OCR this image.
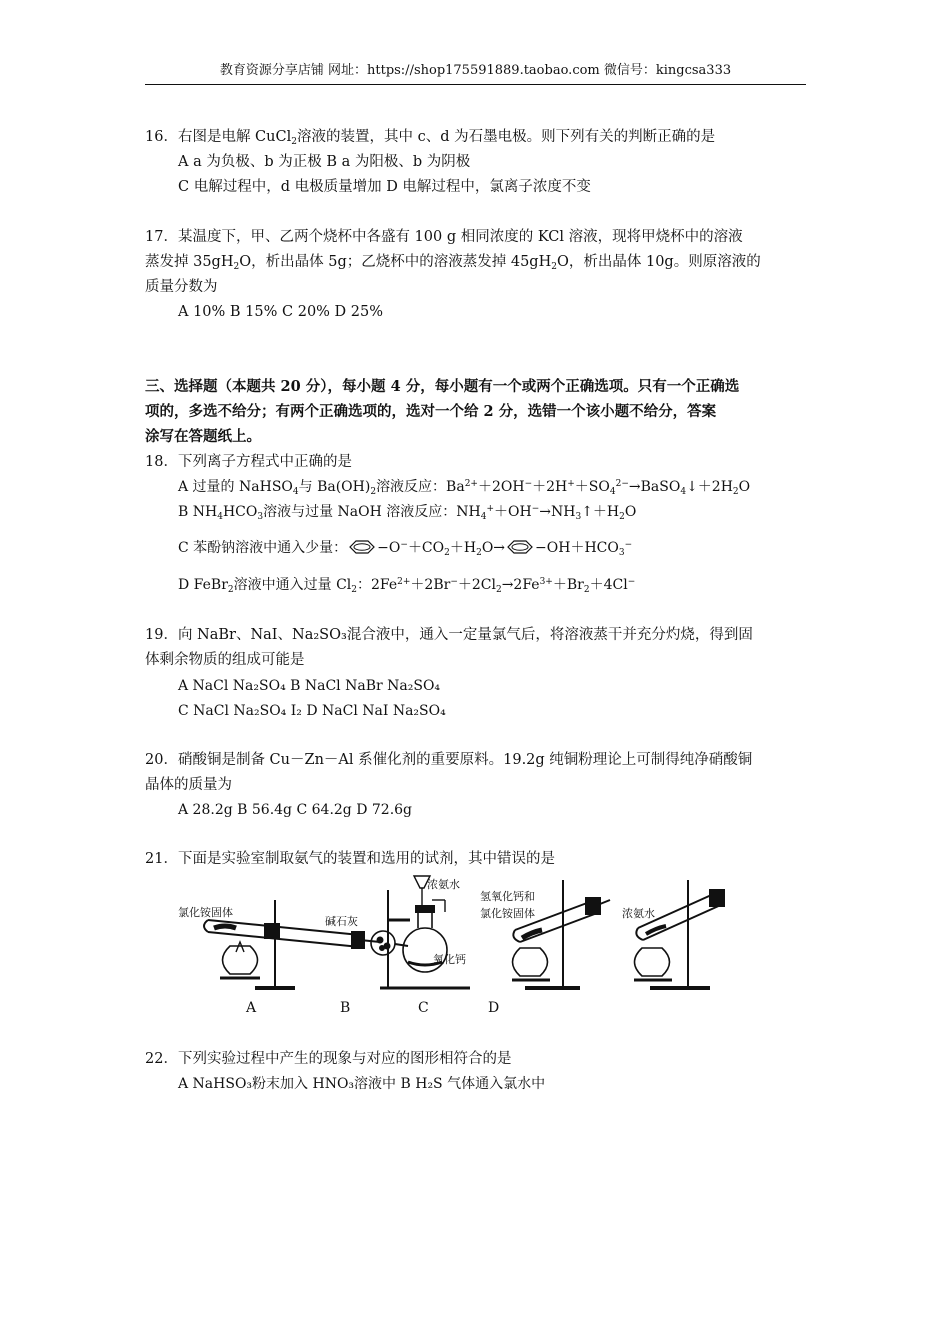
教育资源分享店铺 网址：https://shop175591889.taobao.com 微信号：kingcsa333
16．右图是电解 CuCl$_2$溶液的装置，其中 c、d 为石墨电极。则下列有关的判断正确的是
A a 为负极、b 为正极 B a 为阳极、b 为阴极
C 电解过程中，d 电极质量增加 D 电解过程中，氯离子浓度不变
17．某温度下，甲、乙两个烧杯中各盛有 100 g 相同浓度的 KCl 溶液，现将甲烧杯中的溶液
蒸发掉 $35gH_2O$，析出晶体 5g；乙烧杯中的溶液蒸发掉 $45gH_2O$，析出晶体 10g。则原溶液的
质量分数为
A 10% B 15% C 20% D 25%
三、选择题（本题共 20 分），每小题 4 分，每小题有一个或两个正确选项。只有一个正确选
项的，多选不给分；有两个正确选项的，选对一个给 2 分，选错一个该小题不给分，答案
涂写在答题纸上。
18．下列离子方程式中正确的是
A 过量的 NaHSO$_4$与 $Ba(OH)_2$溶液反应：$Ba^{2+}+2OH^-+2H^++SO_4^{2-}\to BaSO_4↓+2H_2O$
B $NH_4HCO_3$溶液与过量 NaOH 溶液反应：$NH_4^++OH^-\to NH_3↑+H_2O$
C 苯酚钠溶液中通入少量： $-O^-+CO_2+H_2O\to -OH+HCO_3^-$
D FeBr$_2$溶液中通入过量 $Cl_2$：$2Fe^{2+}+2Br^-+2Cl_2\to 2Fe^{3+}+Br_2+4Cl^-$
19．向 NaBr、NaI、Na₂SO₃混合液中，通入一定量氯气后，将溶液蒸干并充分灼烧，得到固
体剩余物质的组成可能是
A NaCl Na₂SO₄ B NaCl NaBr Na₂SO₄
C NaCl Na₂SO₄ I₂ D NaCl NaI Na₂SO₄
20．硝酸铜是制备 Cu－Zn－Al 系催化剂的重要原料。19.2g 纯铜粉理论上可制得纯净硝酸铜
晶体的质量为
A 28.2g B 56.4g C 64.2g D 72.6g
21．下面是实验室制取氨气的装置和选用的试剂，其中错误的是
氯化铵固体
碱石灰
浓氨水
氧化钙
氢氧化钙和
氯化铵固体	浓氨水
A	B	C	D
22．下列实验过程中产生的现象与对应的图形相符合的是
A NaHSO₃粉末加入 HNO₃溶液中 B H₂S 气体通入氯水中
